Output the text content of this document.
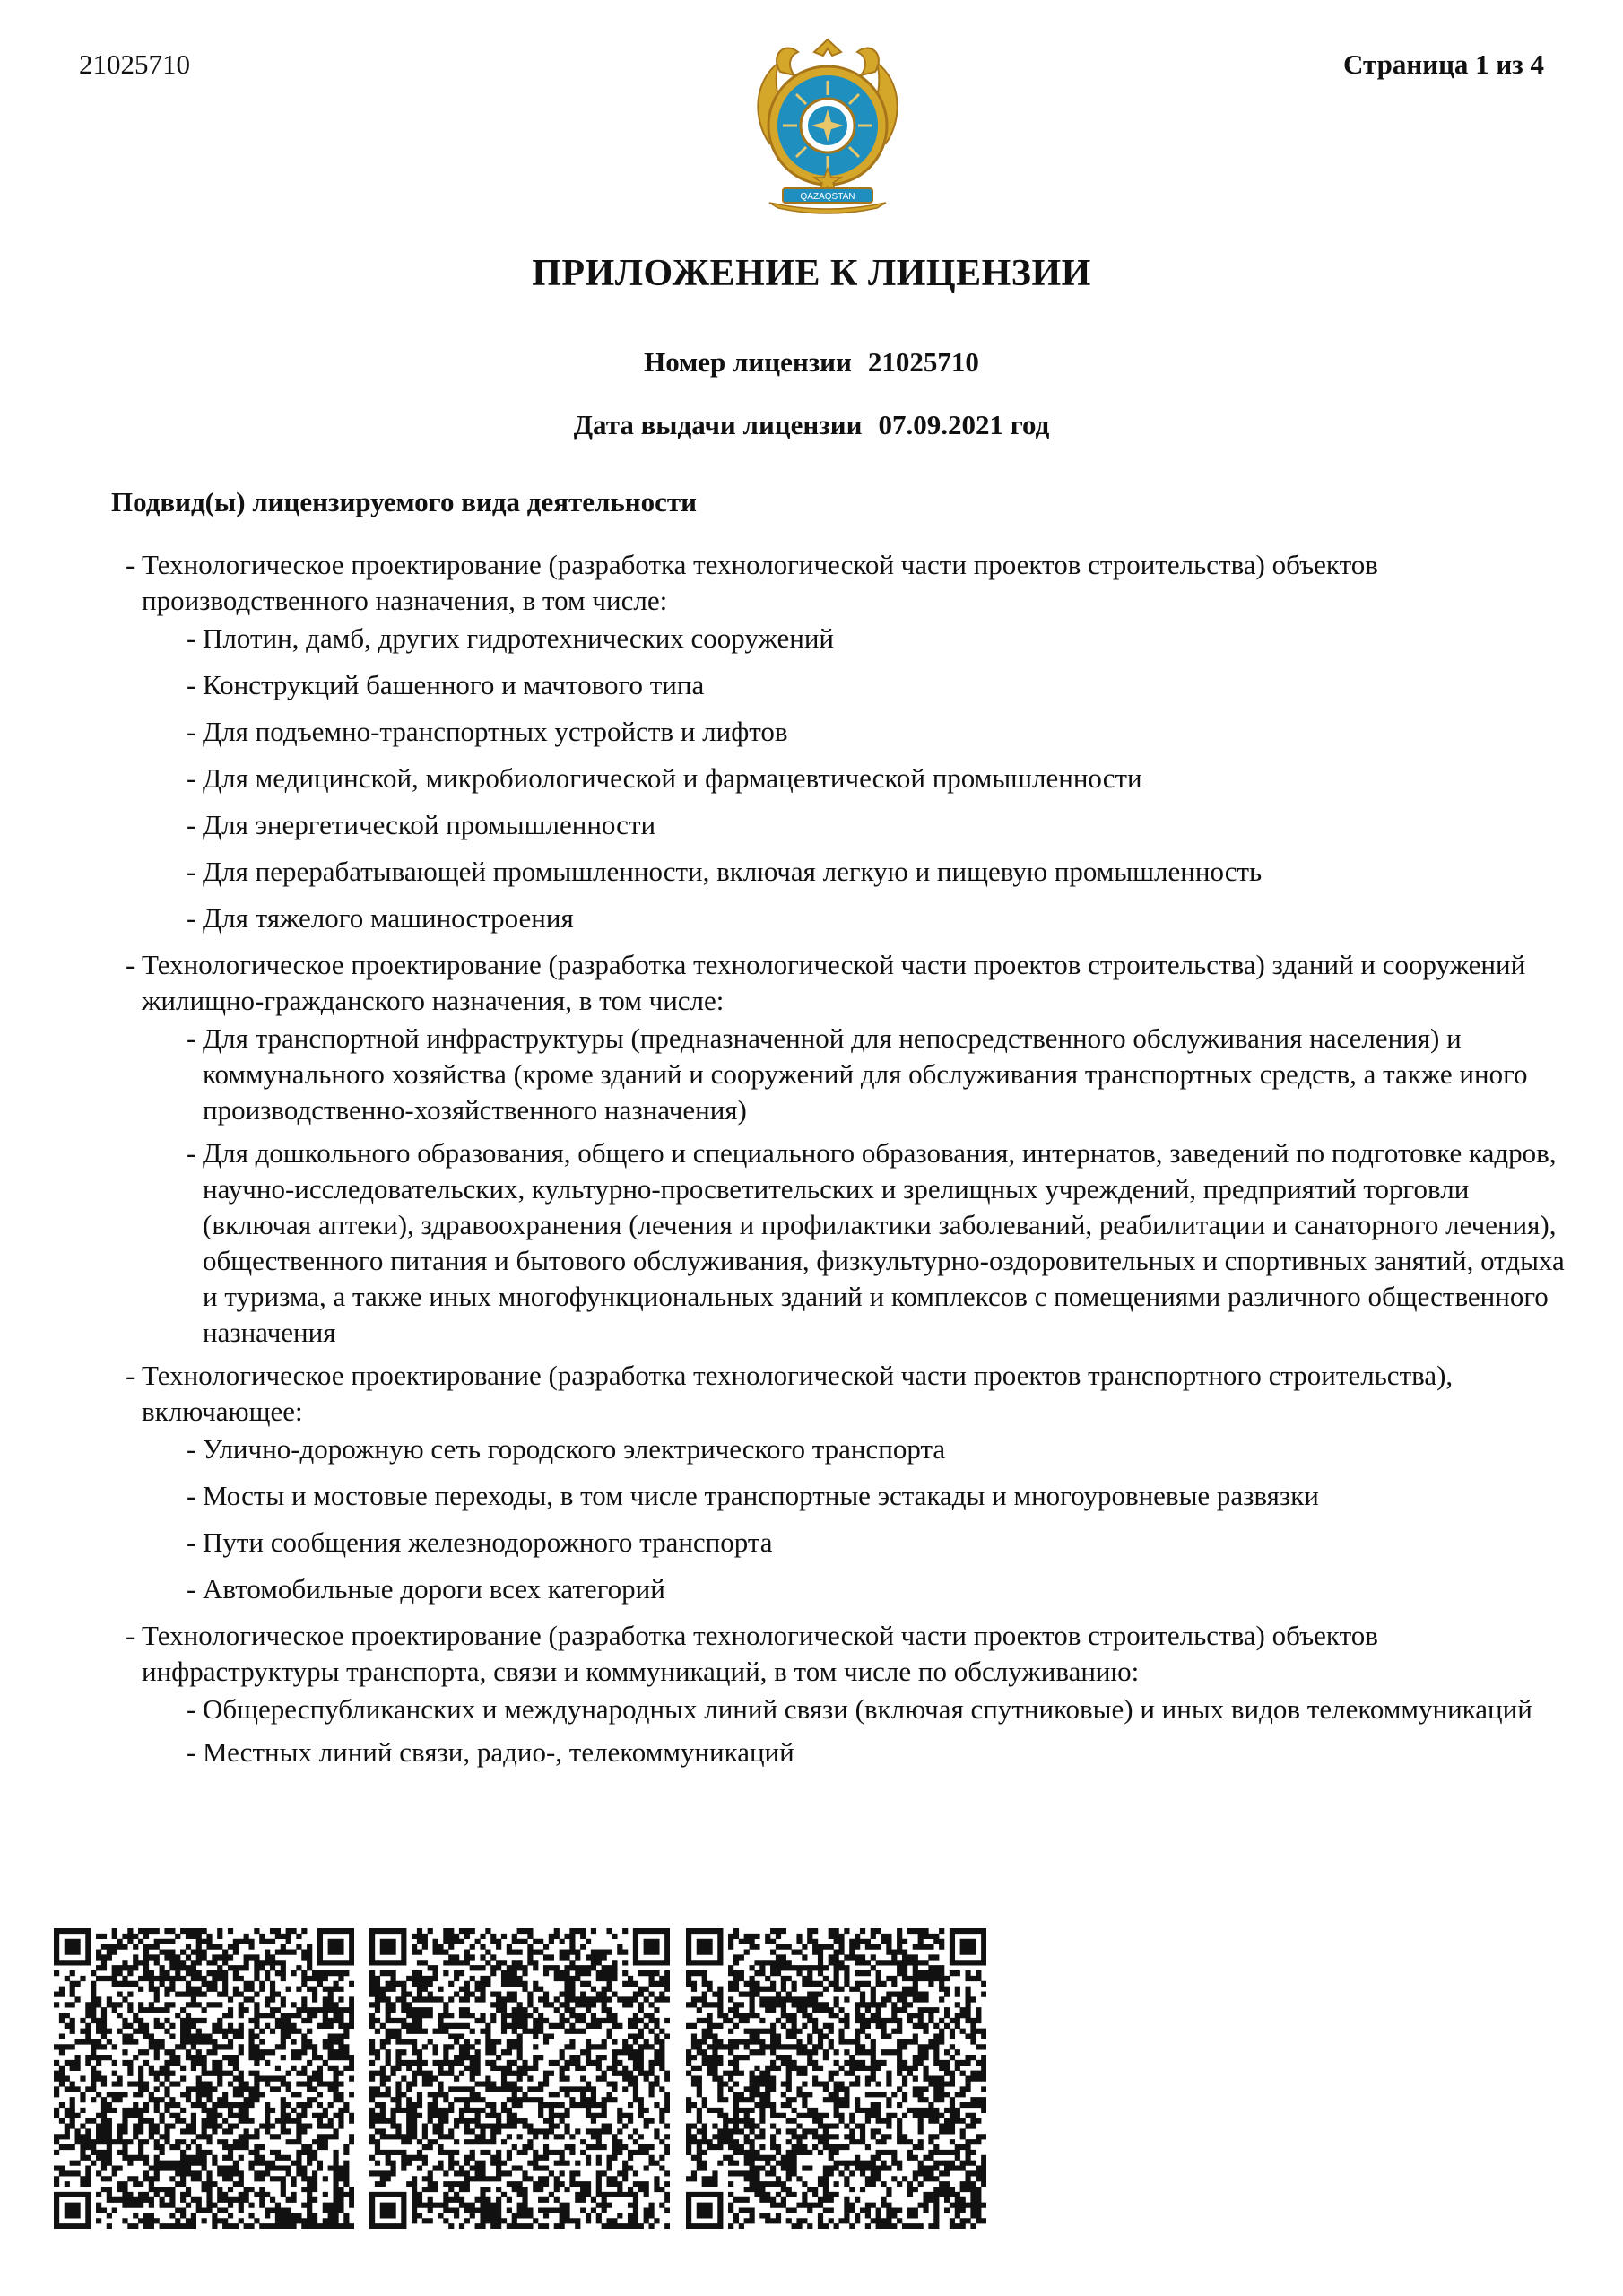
21025710	Страница 1 из 4
QAZAQSTAN
ПРИЛОЖЕНИЕ К ЛИЦЕНЗИИ
Номер лицензии 21025710
Дата выдачи лицензии 07.09.2021 год
Подвид(ы) лицензируемого вида деятельности
- Технологическое проектирование (разработка технологической части проектов строительства) объектов производственного назначения, в том числе:
- Плотин, дамб, других гидротехнических сооружений
- Конструкций башенного и мачтового типа
- Для подъемно-транспортных устройств и лифтов
- Для медицинской, микробиологической и фармацевтической промышленности
- Для энергетической промышленности
- Для перерабатывающей промышленности, включая легкую и пищевую промышленность
- Для тяжелого машиностроения
- Технологическое проектирование (разработка технологической части проектов строительства) зданий и сооружений жилищно-гражданского назначения, в том числе:
- Для транспортной инфраструктуры (предназначенной для непосредственного обслуживания населения) и коммунального хозяйства (кроме зданий и сооружений для обслуживания транспортных средств, а также иного производственно-хозяйственного назначения)
- Для дошкольного образования, общего и специального образования, интернатов, заведений по подготовке кадров, научно-исследовательских, культурно-просветительских и зрелищных учреждений, предприятий торговли (включая аптеки), здравоохранения (лечения и профилактики заболеваний, реабилитации и санаторного лечения), общественного питания и бытового обслуживания, физкультурно-оздоровительных и спортивных занятий, отдыха и туризма, а также иных многофункциональных зданий и комплексов с помещениями различного общественного назначения
- Технологическое проектирование (разработка технологической части проектов транспортного строительства), включающее:
- Улично-дорожную сеть городского электрического транспорта
- Мосты и мостовые переходы, в том числе транспортные эстакады и многоуровневые развязки
- Пути сообщения железнодорожного транспорта
- Автомобильные дороги всех категорий
- Технологическое проектирование (разработка технологической части проектов строительства) объектов инфраструктуры транспорта, связи и коммуникаций, в том числе по обслуживанию:
- Общереспубликанских и международных линий связи (включая спутниковые) и иных видов телекоммуникаций
- Местных линий связи, радио-, телекоммуникаций
